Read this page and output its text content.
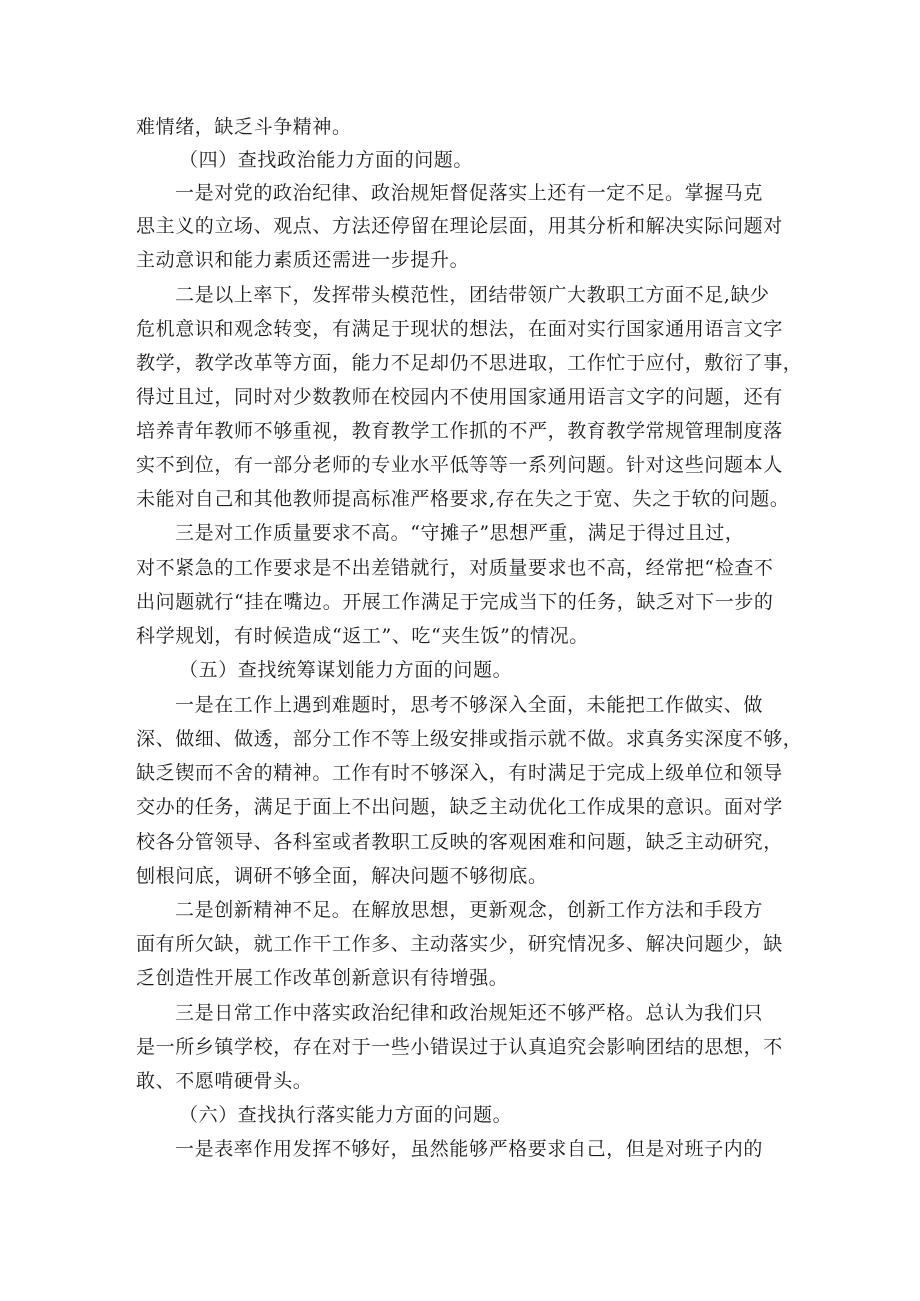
难情绪，缺乏斗争精神。
（四）查找政治能力方面的问题。
一是对党的政治纪律、政治规矩督促落实上还有一定不足。掌握马克
思主义的立场、观点、方法还停留在理论层面，用其分析和解决实际问题对
主动意识和能力素质还需进一步提升。
二是以上率下，发挥带头模范性，团结带领广大教职工方面不足,缺少
危机意识和观念转变，有满足于现状的想法，在面对实行国家通用语言文字
教学，教学改革等方面，能力不足却仍不思进取，工作忙于应付，敷衍了事，
得过且过，同时对少数教师在校园内不使用国家通用语言文字的问题，还有
培养青年教师不够重视，教育教学工作抓的不严，教育教学常规管理制度落
实不到位，有一部分老师的专业水平低等等一系列问题。针对这些问题本人
未能对自己和其他教师提高标准严格要求,存在失之于宽、失之于软的问题。
三是对工作质量要求不高。“守摊子”思想严重，满足于得过且过，
对不紧急的工作要求是不出差错就行，对质量要求也不高，经常把“检查不
出问题就行“挂在嘴边。开展工作满足于完成当下的任务，缺乏对下一步的
科学规划，有时候造成“返工”、吃“夹生饭”的情况。
（五）查找统筹谋划能力方面的问题。
一是在工作上遇到难题时，思考不够深入全面，未能把工作做实、做
深、做细、做透，部分工作不等上级安排或指示就不做。求真务实深度不够，
缺乏锲而不舍的精神。工作有时不够深入，有时满足于完成上级单位和领导
交办的任务，满足于面上不出问题，缺乏主动优化工作成果的意识。面对学
校各分管领导、各科室或者教职工反映的客观困难和问题，缺乏主动研究，
刨根问底，调研不够全面，解决问题不够彻底。
二是创新精神不足。在解放思想，更新观念，创新工作方法和手段方
面有所欠缺，就工作干工作多、主动落实少，研究情况多、解决问题少，缺
乏创造性开展工作改革创新意识有待增强。
三是日常工作中落实政治纪律和政治规矩还不够严格。总认为我们只
是一所乡镇学校，存在对于一些小错误过于认真追究会影响团结的思想，不
敢、不愿啃硬骨头。
（六）查找执行落实能力方面的问题。
一是表率作用发挥不够好，虽然能够严格要求自己，但是对班子内的
